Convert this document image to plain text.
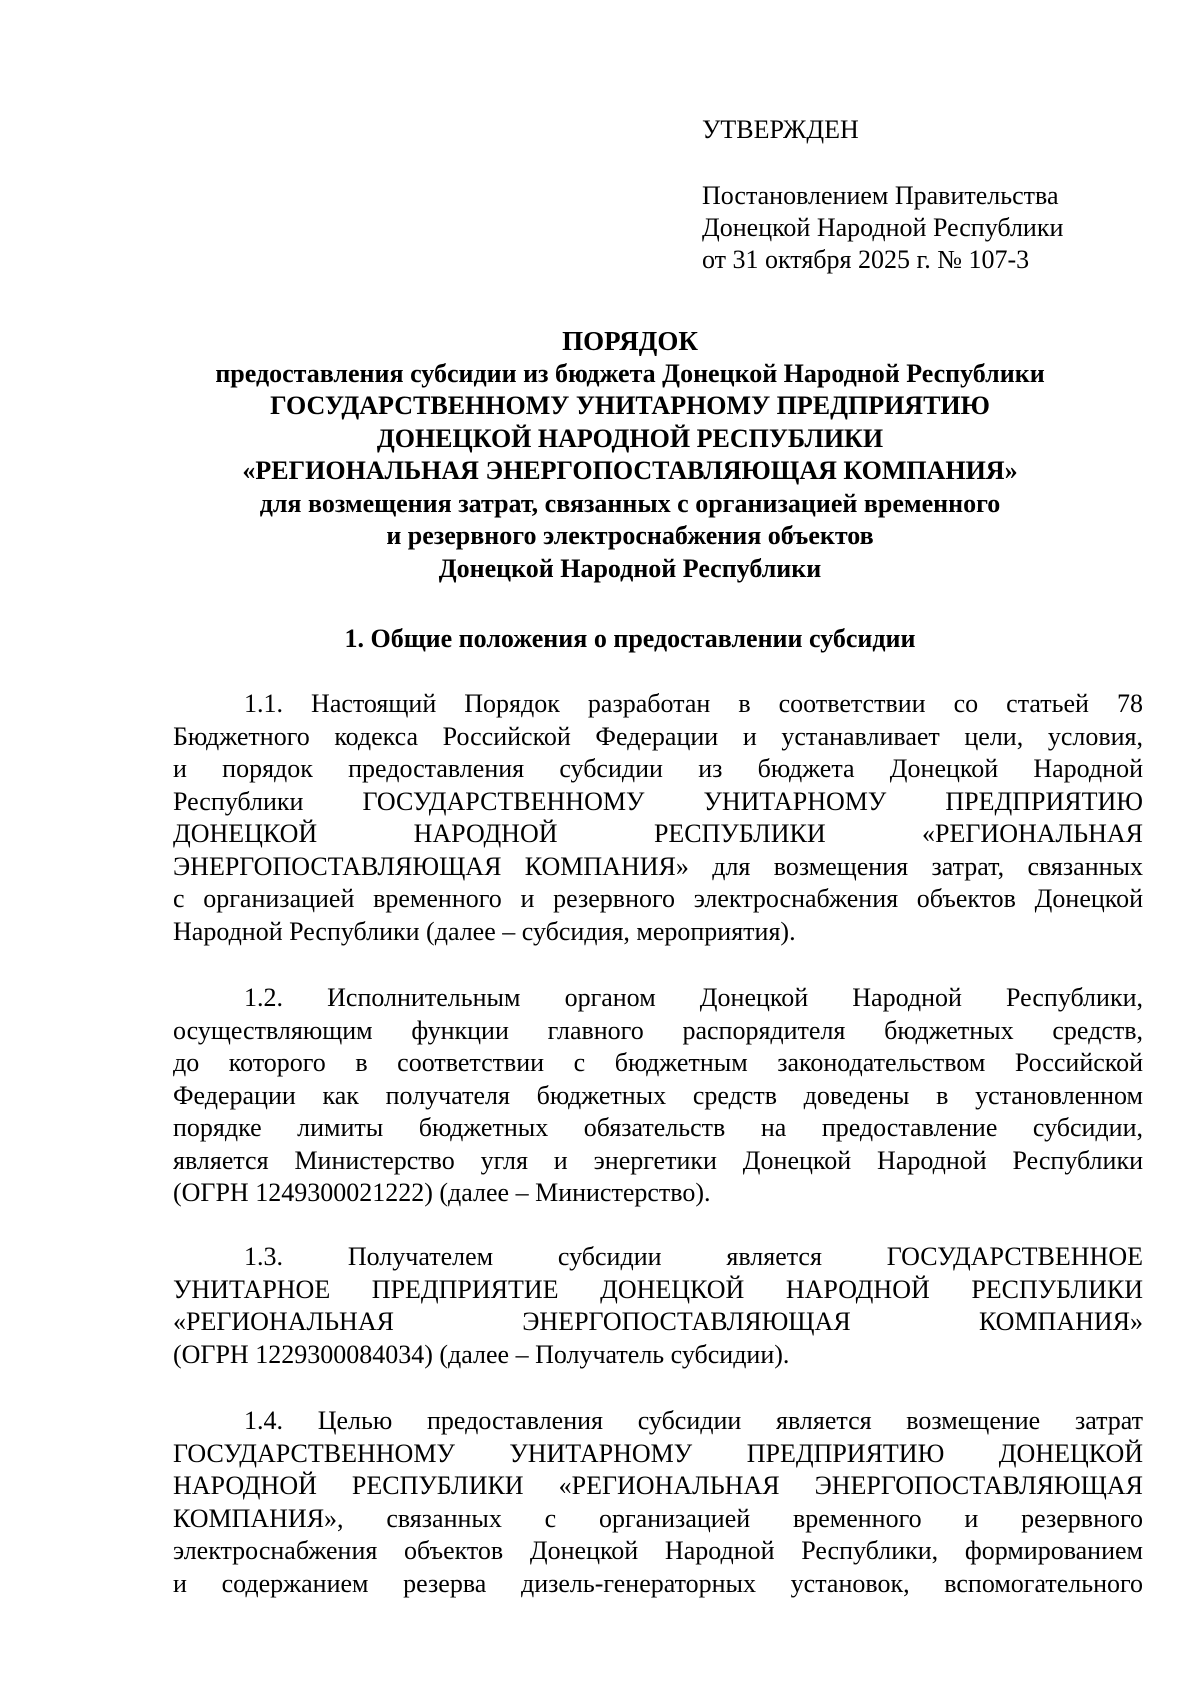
УТВЕРЖДЕН
Постановлением Правительства
Донецкой Народной Республики
от 31 октября 2025 г. № 107-3
ПОРЯДОК
предоставления субсидии из бюджета Донецкой Народной Республики
ГОСУДАРСТВЕННОМУ УНИТАРНОМУ ПРЕДПРИЯТИЮ
ДОНЕЦКОЙ НАРОДНОЙ РЕСПУБЛИКИ
«РЕГИОНАЛЬНАЯ ЭНЕРГОПОСТАВЛЯЮЩАЯ КОМПАНИЯ»
для возмещения затрат, связанных с организацией временного
и резервного электроснабжения объектов
Донецкой Народной Республики
1. Общие положения о предоставлении субсидии
1.1. Настоящий Порядок разработан в соответствии со статьей 78
Бюджетного кодекса Российской Федерации и устанавливает цели, условия,
и порядок предоставления субсидии из бюджета Донецкой Народной
Республики ГОСУДАРСТВЕННОМУ УНИТАРНОМУ ПРЕДПРИЯТИЮ
ДОНЕЦКОЙ НАРОДНОЙ РЕСПУБЛИКИ «РЕГИОНАЛЬНАЯ
ЭНЕРГОПОСТАВЛЯЮЩАЯ КОМПАНИЯ» для возмещения затрат, связанных
с организацией временного и резервного электроснабжения объектов Донецкой
Народной Республики (далее – субсидия, мероприятия).
1.2. Исполнительным органом Донецкой Народной Республики,
осуществляющим функции главного распорядителя бюджетных средств,
до которого в соответствии с бюджетным законодательством Российской
Федерации как получателя бюджетных средств доведены в установленном
порядке лимиты бюджетных обязательств на предоставление субсидии,
является Министерство угля и энергетики Донецкой Народной Республики
(ОГРН 1249300021222) (далее – Министерство).
1.3. Получателем субсидии является ГОСУДАРСТВЕННОЕ
УНИТАРНОЕ ПРЕДПРИЯТИЕ ДОНЕЦКОЙ НАРОДНОЙ РЕСПУБЛИКИ
«РЕГИОНАЛЬНАЯ ЭНЕРГОПОСТАВЛЯЮЩАЯ КОМПАНИЯ»
(ОГРН 1229300084034) (далее – Получатель субсидии).
1.4. Целью предоставления субсидии является возмещение затрат
ГОСУДАРСТВЕННОМУ УНИТАРНОМУ ПРЕДПРИЯТИЮ ДОНЕЦКОЙ
НАРОДНОЙ РЕСПУБЛИКИ «РЕГИОНАЛЬНАЯ ЭНЕРГОПОСТАВЛЯЮЩАЯ
КОМПАНИЯ», связанных с организацией временного и резервного
электроснабжения объектов Донецкой Народной Республики, формированием
и содержанием резерва дизель-генераторных установок, вспомогательного
